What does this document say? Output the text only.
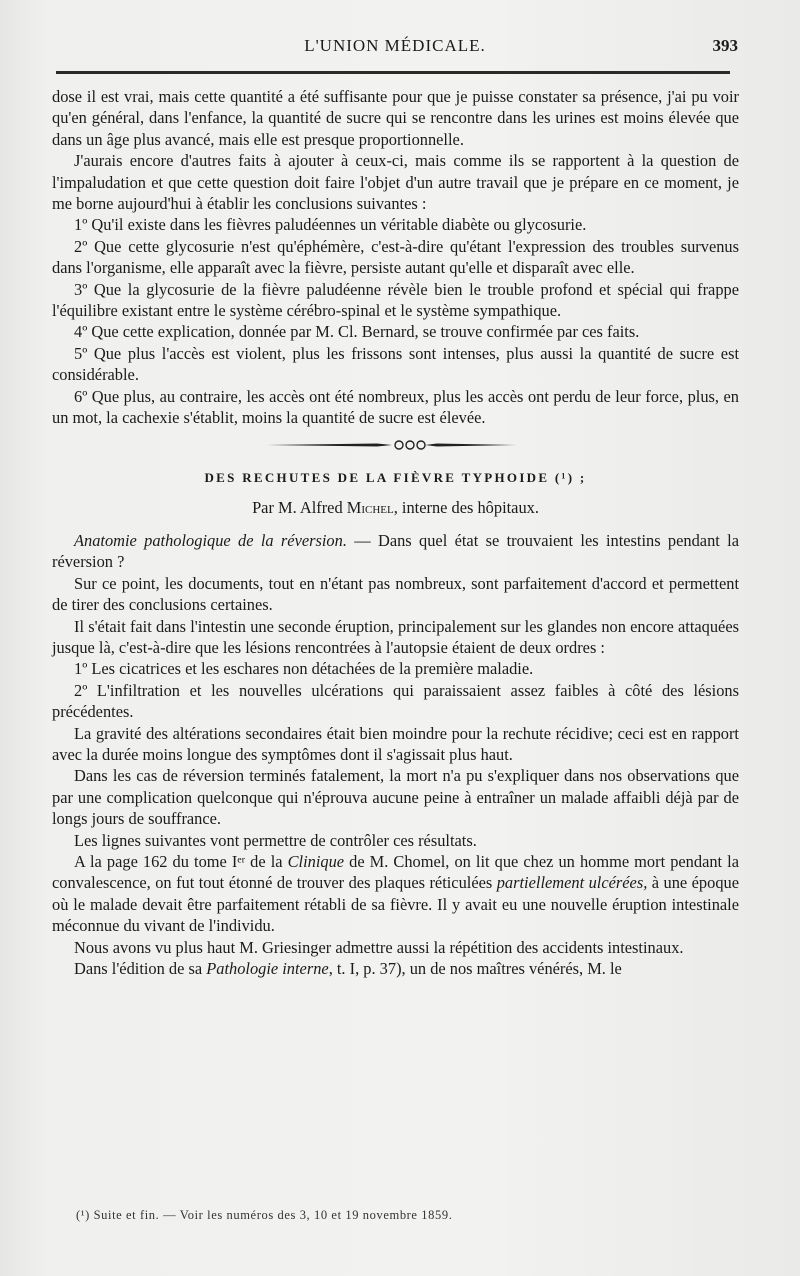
L'UNION MÉDICALE.	393

dose il est vrai, mais cette quantité a été suffisante pour que je puisse constater sa présence, j'ai pu voir qu'en général, dans l'enfance, la quantité de sucre qui se rencontre dans les urines est moins élevée que dans un âge plus avancé, mais elle est presque proportionnelle.

J'aurais encore d'autres faits à ajouter à ceux-ci, mais comme ils se rapportent à la question de l'impaludation et que cette question doit faire l'objet d'un autre travail que je prépare en ce moment, je me borne aujourd'hui à établir les conclusions suivantes :

1º Qu'il existe dans les fièvres paludéennes un véritable diabète ou glycosurie.

2º Que cette glycosurie n'est qu'éphémère, c'est-à-dire qu'étant l'expression des troubles survenus dans l'organisme, elle apparaît avec la fièvre, persiste autant qu'elle et disparaît avec elle.

3º Que la glycosurie de la fièvre paludéenne révèle bien le trouble profond et spécial qui frappe l'équilibre existant entre le système cérébro-spinal et le système sympathique.

4º Que cette explication, donnée par M. Cl. Bernard, se trouve confirmée par ces faits.

5º Que plus l'accès est violent, plus les frissons sont intenses, plus aussi la quantité de sucre est considérable.

6º Que plus, au contraire, les accès ont été nombreux, plus les accès ont perdu de leur force, plus, en un mot, la cachexie s'établit, moins la quantité de sucre est élevée.

DES RECHUTES DE LA FIÈVRE TYPHOIDE (¹) ;
Par M. Alfred Michel, interne des hôpitaux.

Anatomie pathologique de la réversion. — Dans quel état se trouvaient les intestins pendant la réversion ?

Sur ce point, les documents, tout en n'étant pas nombreux, sont parfaitement d'accord et permettent de tirer des conclusions certaines.

Il s'était fait dans l'intestin une seconde éruption, principalement sur les glandes non encore attaquées jusque là, c'est-à-dire que les lésions rencontrées à l'autopsie étaient de deux ordres :

1º Les cicatrices et les eschares non détachées de la première maladie.

2º L'infiltration et les nouvelles ulcérations qui paraissaient assez faibles à côté des lésions précédentes.

La gravité des altérations secondaires était bien moindre pour la rechute récidive; ceci est en rapport avec la durée moins longue des symptômes dont il s'agissait plus haut.

Dans les cas de réversion terminés fatalement, la mort n'a pu s'expliquer dans nos observations que par une complication quelconque qui n'éprouva aucune peine à entraîner un malade affaibli déjà par de longs jours de souffrance.

Les lignes suivantes vont permettre de contrôler ces résultats.

A la page 162 du tome Iᵉʳ de la Clinique de M. Chomel, on lit que chez un homme mort pendant la convalescence, on fut tout étonné de trouver des plaques réticulées partiellement ulcérées, à une époque où le malade devait être parfaitement rétabli de sa fièvre. Il y avait eu une nouvelle éruption intestinale méconnue du vivant de l'individu.

Nous avons vu plus haut M. Griesinger admettre aussi la répétition des accidents intestinaux.

Dans l'édition de sa Pathologie interne, t. I, p. 37), un de nos maîtres vénérés, M. le

(¹) Suite et fin. — Voir les numéros des 3, 10 et 19 novembre 1859.
